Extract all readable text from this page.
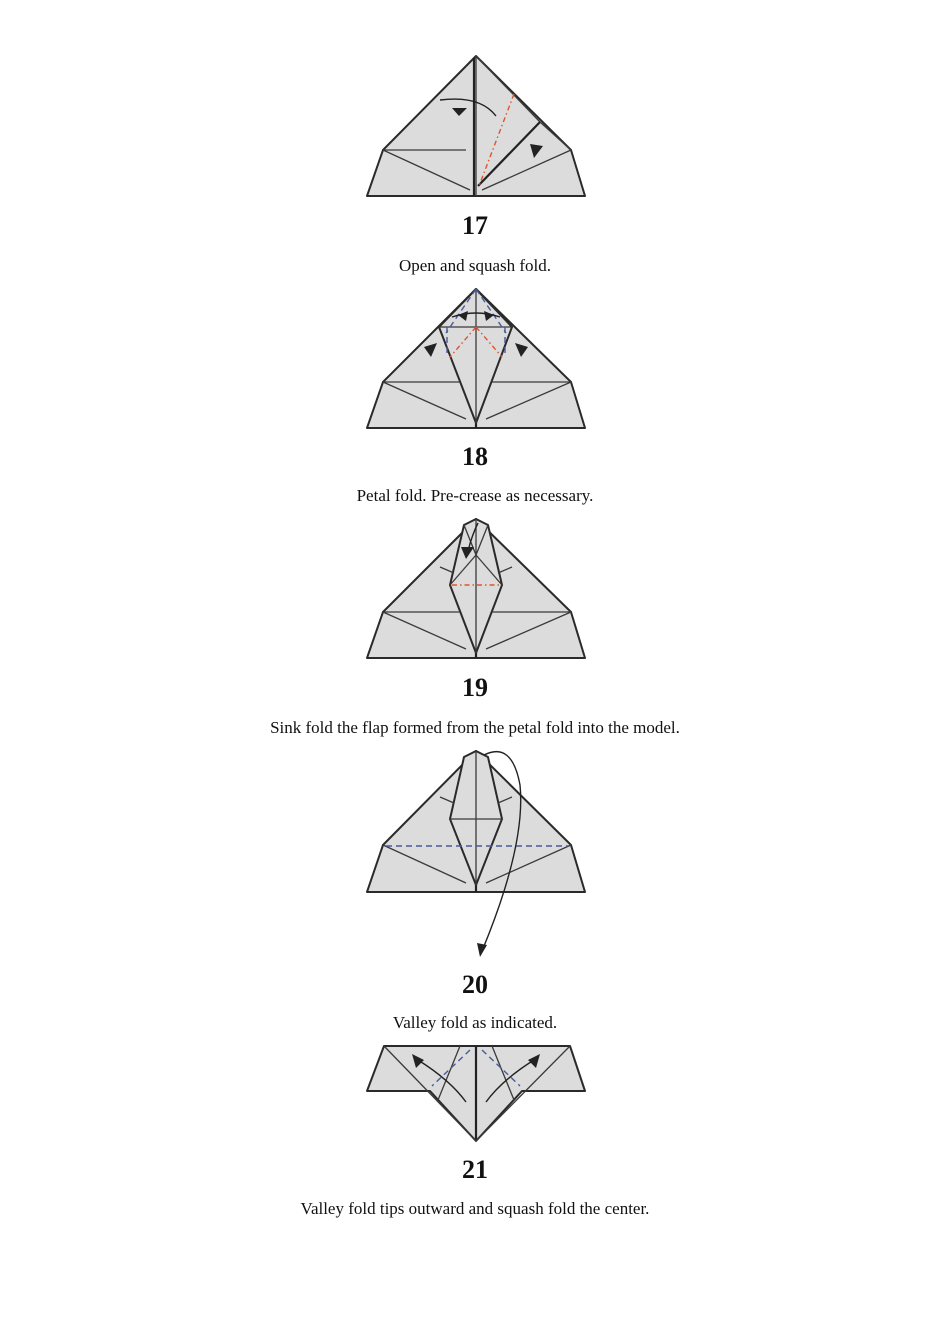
17
Open and squash fold.
18
Petal fold. Pre-crease as necessary.
19
Sink fold the flap formed from the petal fold into the model.
20
Valley fold as indicated.
21
Valley fold tips outward and squash fold the center.
